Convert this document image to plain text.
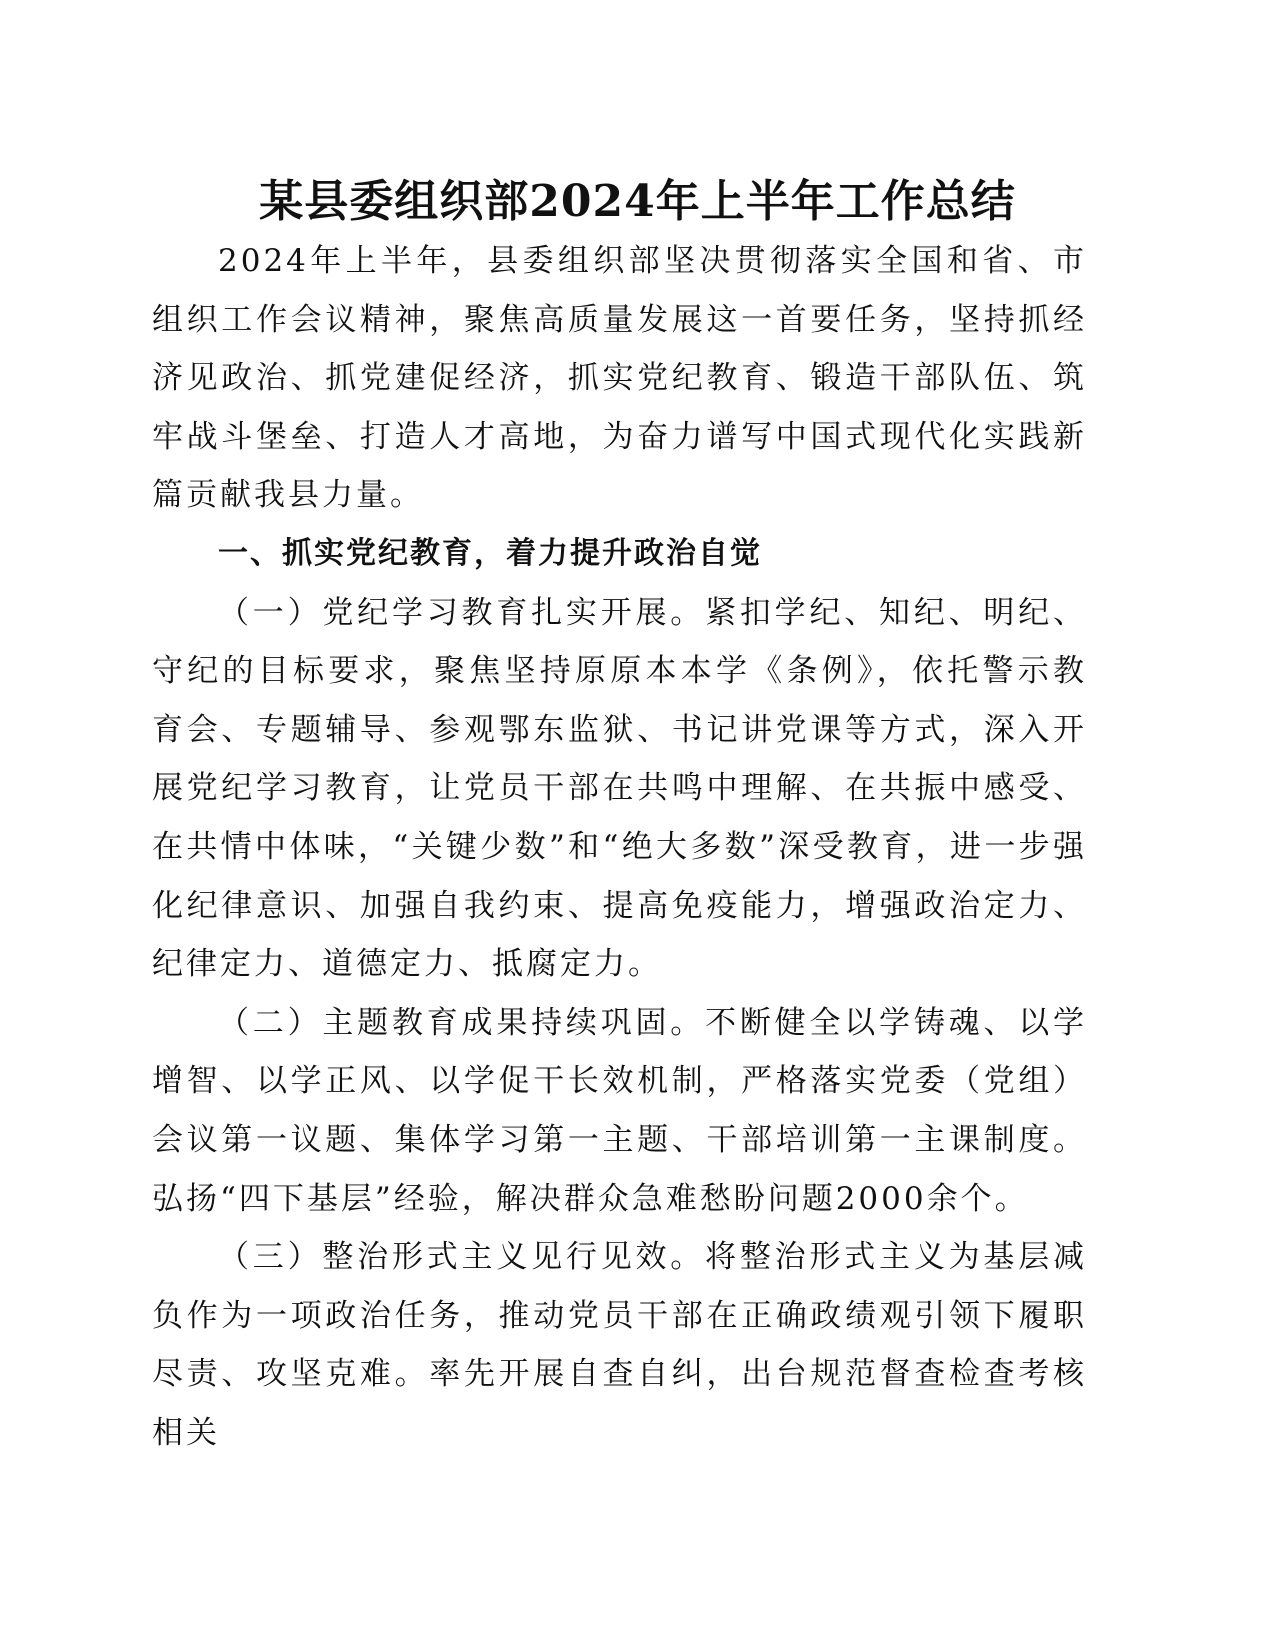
某县委组织部2024年上半年工作总结

2024年上半年，县委组织部坚决贯彻落实全国和省、市组织工作会议精神，聚焦高质量发展这一首要任务，坚持抓经济见政治、抓党建促经济，抓实党纪教育、锻造干部队伍、筑牢战斗堡垒、打造人才高地，为奋力谱写中国式现代化实践新篇贡献我县力量。

一、抓实党纪教育，着力提升政治自觉

（一）党纪学习教育扎实开展。紧扣学纪、知纪、明纪、守纪的目标要求，聚焦坚持原原本本学《条例》，依托警示教育会、专题辅导、参观鄂东监狱、书记讲党课等方式，深入开展党纪学习教育，让党员干部在共鸣中理解、在共振中感受、在共情中体味，“关键少数”和“绝大多数”深受教育，进一步强化纪律意识、加强自我约束、提高免疫能力，增强政治定力、纪律定力、道德定力、抵腐定力。

（二）主题教育成果持续巩固。不断健全以学铸魂、以学增智、以学正风、以学促干长效机制，严格落实党委（党组）会议第一议题、集体学习第一主题、干部培训第一主课制度。弘扬“四下基层”经验，解决群众急难愁盼问题2000余个。

（三）整治形式主义见行见效。将整治形式主义为基层减负作为一项政治任务，推动党员干部在正确政绩观引领下履职尽责、攻坚克难。率先开展自查自纠，出台规范督查检查考核相关
